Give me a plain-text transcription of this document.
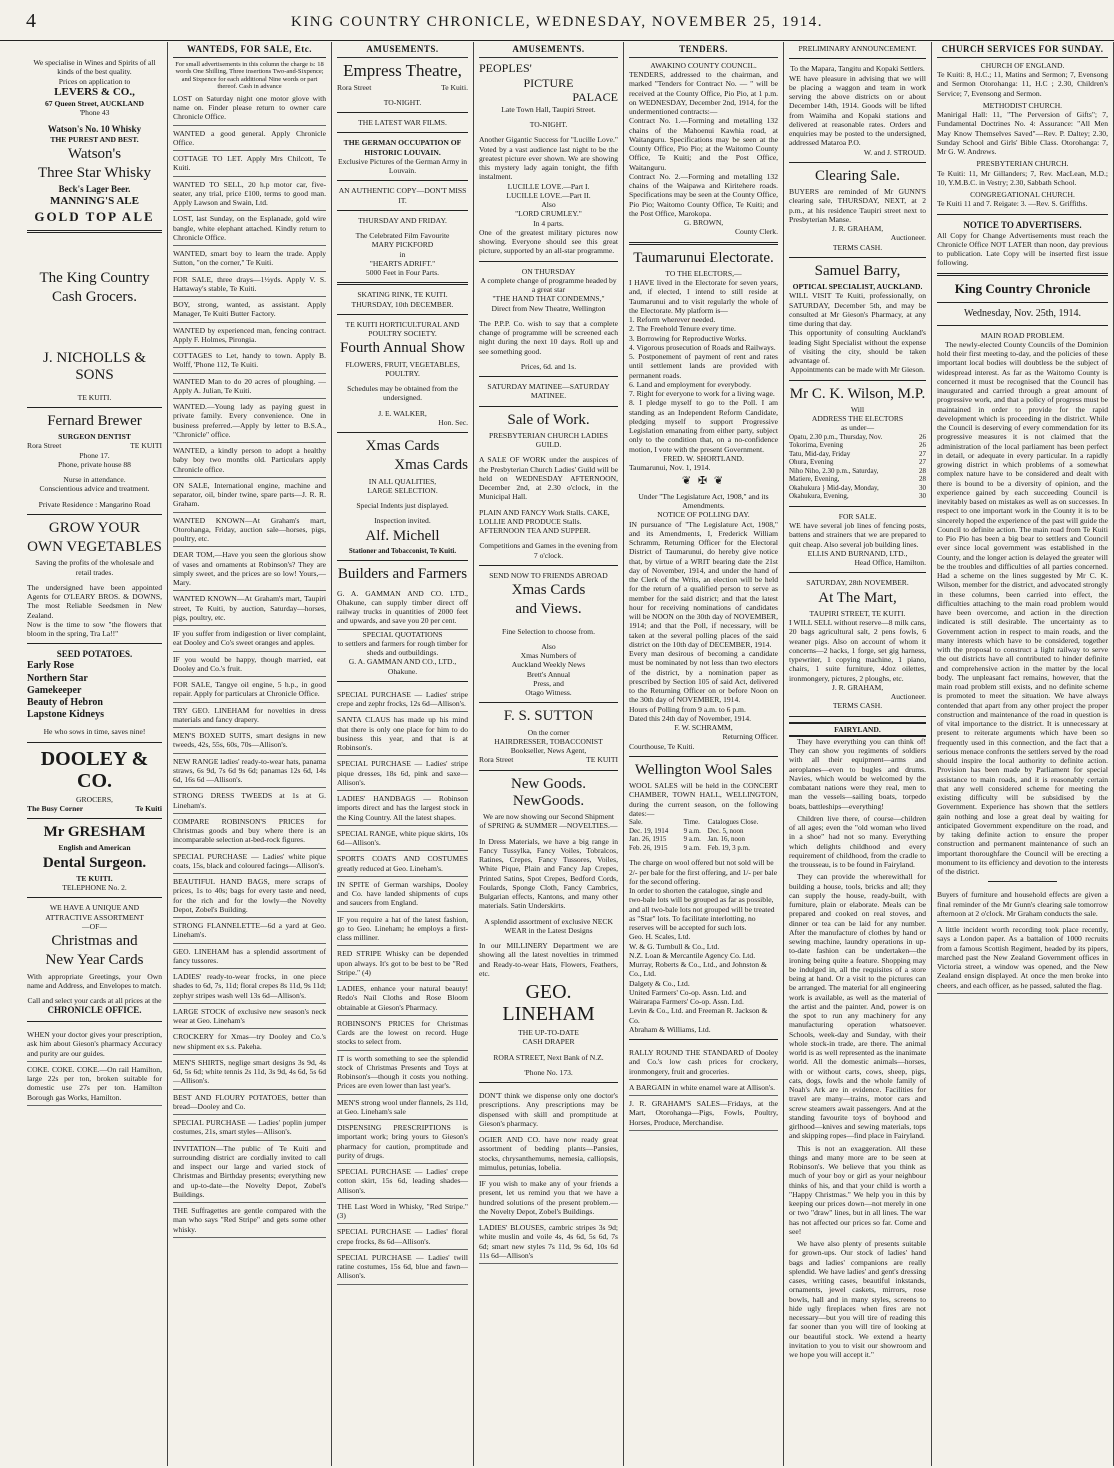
4	KING COUNTRY CHRONICLE, WEDNESDAY, NOVEMBER 25, 1914.
We specialise in Wines and Spirits of all kinds of the best quality.
Prices on application to
LEVERS & CO.,
67 Queen Street, AUCKLAND
'Phone 43
Watson's No. 10 Whisky
THE PUREST AND BEST.
Watson's
Three Star Whisky
Beck's Lager Beer.
MANNING'S ALE
GOLD TOP ALE
The King Country
Cash Grocers.
J. NICHOLLS & SONS
TE KUITI.
Fernard Brewer
SURGEON DENTIST
Rora Street	TE KUITI
Phone 17.
Phone, private house 88
Nurse in attendance.
Conscientious advice and treatment.
Private Residence : Mangarino Road
GROW YOUR
OWN VEGETABLES
Saving the profits of the wholesale and retail trades.
The undersigned have been appointed Agents for O'LEARY BROS. & DOWNS, The most Reliable Seedsmen in New Zealand.
Now is the time to sow "the flowers that bloom in the spring, Tra La!!"
SEED POTATOES.
Early Rose
Northern Star
Gamekeeper
Beauty of Hebron
Lapstone Kidneys
He who sows in time, saves nine!
DOOLEY & CO.
GROCERS,
The Busy Corner	Te Kuiti
Mr GRESHAM
English and American
Dental Surgeon.
TE KUITI.
TELEPHONE No. 2.
WE HAVE A UNIQUE AND ATTRACTIVE ASSORTMENT
—OF—
Christmas and
New Year Cards
With appropriate Greetings, your Own name and Address, and Envelopes to match.
Call and select your cards at all prices at the
CHRONICLE OFFICE.
WHEN your doctor gives your prescription, ask him about Gieson's pharmacy Accuracy and purity are our guides.
COKE. COKE. COKE.—On rail Hamilton, large 22s per ton, broken suitable for domestic use 27s per ton. Hamilton Borough gas Works, Hamilton.
WANTEDS, FOR SALE, Etc.
For small advertisements in this column the charge is: 18 words One Shilling, Three insertions Two-and-Sixpence; and Sixpence for each additional Nine words or part thereof. Cash in advance
LOST on Saturday night one motor glove with name on. Finder please return to owner care Chronicle Office.
WANTED a good general. Apply Chronicle Office.
COTTAGE TO LET. Apply Mrs Chilcott, Te Kuiti.
WANTED TO SELL, 20 h.p motor car, five-seater, any trial, price £100, terms to good man. Apply Lawson and Swain, Ltd.
LOST, last Sunday, on the Esplanade, gold wire bangle, white elephant attached. Kindly return to Chronicle Office.
WANTED, smart boy to learn the trade. Apply Sutton, "on the corner," Te Kuiti.
FOR SALE, three drays—1½yds. Apply V. S. Hattaway's stable, Te Kuiti.
BOY, strong, wanted, as assistant. Apply Manager, Te Kuiti Butter Factory.
WANTED by experienced man, fencing contract. Apply F. Holmes, Pirongia.
COTTAGES to Let, handy to town. Apply B. Wolff, 'Phone 112, Te Kuiti.
WANTED Man to do 20 acres of ploughing. — Apply A. Julian, Te Kuiti.
WANTED.—Young lady as paying guest in private family. Every convenience. One in business preferred.—Apply by letter to B.S.A., "Chronicle" office.
WANTED, a kindly person to adopt a healthy baby boy two months old. Particulars apply Chronicle office.
ON SALE, International engine, machine and separator, oil, binder twine, spare parts—J. R. R. Graham.
WANTED KNOWN—At Graham's mart, Otorohanga, Friday, auction sale—horses, pigs, poultry, etc.
DEAR TOM,—Have you seen the glorious show of vases and ornaments at Robinson's? They are simply sweet, and the prices are so low! Yours,—Mary.
WANTED KNOWN—At Graham's mart, Taupiri street, Te Kuiti, by auction, Saturday—horses, pigs, poultry, etc.
IF you suffer from indigestion or liver complaint, eat Dooley and Co's sweet oranges and apples.
IF you would be happy, though married, eat Dooley and Co.'s fruit.
FOR SALE, Tangye oil engine, 5 h.p., in good repair. Apply for particulars at Chronicle Office.
TRY GEO. LINEHAM for novelties in dress materials and fancy drapery.
MEN'S BOXED SUITS, smart designs in new tweeds, 42s, 55s, 60s, 70s—Allison's.
NEW RANGE ladies' ready-to-wear hats, panama straws, 6s 9d, 7s 6d 9s 6d; panamas 12s 6d, 14s 6d, 16s 6d —Allison's.
STRONG DRESS TWEEDS at 1s at G. Lineham's.
COMPARE ROBINSON'S PRICES for Christmas goods and buy where there is an incomparable selection at-bed-rock figures.
SPECIAL PURCHASE — Ladies' white pique coats, 15s, black and coloured facings—Allison's.
BEAUTIFUL HAND BAGS, mere scraps of prices, 1s to 40s; bags for every taste and need, for the rich and for the lowly—the Novelty Depot, Zobel's Building.
STRONG FLANNELETTE—6d a yard at Geo. Lineham's.
GEO. LINEHAM has a splendid assortment of fancy tussores.
LADIES' ready-to-wear frocks, in one piece shades to 6d, 7s, 11d; floral crepes 8s 11d, 9s 11d; zephyr stripes wash well 13s 6d—Allison's.
LARGE STOCK of exclusive new season's neck wear at Geo. Lineham's
CROCKERY for Xmas—try Dooley and Co.'s new shipment ex s.s. Pakeha.
MEN'S SHIRTS, neglige smart designs 3s 9d, 4s 6d, 5s 6d; white tennis 2s 11d, 3s 9d, 4s 6d, 5s 6d —Allison's.
BEST AND FLOURY POTATOES, better than bread—Dooley and Co.
SPECIAL PURCHASE — Ladies' poplin jumper costumes, 21s, smart styles—Allison's.
INVITATION—The public of Te Kuiti and surrounding district are cordially invited to call and inspect our large and varied stock of Christmas and Birthday presents; everything new and up-to-date—the Novelty Depot, Zobel's Buildings.
THE Suffragettes are gentle compared with the man who says "Red Stripe" and gets some other whisky.
AMUSEMENTS.
Empress Theatre,
Rora Street	Te Kuiti.
TO-NIGHT.
THE LATEST WAR FILMS.
THE GERMAN OCCUPATION OF HISTORIC LOUVAIN.
Exclusive Pictures of the German Army in Louvain.
AN AUTHENTIC COPY—DON'T MISS IT.
THURSDAY AND FRIDAY.
The Celebrated Film Favourite
MARY PICKFORD
in
"HEARTS ADRIFT."
5000 Feet in Four Parts.
SKATING RINK, TE KUITI.
THURSDAY, 10th DECEMBER.
TE KUITI HORTICULTURAL AND POULTRY SOCIETY.
Fourth Annual Show
FLOWERS, FRUIT, VEGETABLES, POULTRY.
Schedules may be obtained from the undersigned.
J. E. WALKER,
Hon. Sec.
Xmas Cards
Xmas Cards
IN ALL QUALITIES,
LARGE SELECTION.
Special Indents just displayed.
Inspection invited.
Alf. Michell
Stationer and Tobacconist, Te Kuiti.
Builders and Farmers
G. A. GAMMAN AND CO. LTD., Ohakune, can supply timber direct off railway trucks in quantities of 2000 feet and upwards, and save you 20 per cent.
SPECIAL QUOTATIONS
to settlers and farmers for rough timber for sheds and outbuildings.
G. A. GAMMAN AND CO., LTD., Ohakune.
SPECIAL PURCHASE — Ladies' stripe crepe and zephr frocks, 12s 6d—Allison's.
SANTA CLAUS has made up his mind that there is only one place for him to do business this year, and that is at Robinson's.
SPECIAL PURCHASE — Ladies' stripe pique dresses, 18s 6d, pink and saxe—Allison's.
LADIES' HANDBAGS — Robinson imports direct and has the largest stock in the King Country. All the latest shapes.
SPECIAL RANGE, white pique skirts, 10s 6d—Allison's.
SPORTS COATS AND COSTUMES greatly reduced at Geo. Lineham's.
IN SPITE of German warships, Dooley and Co. have landed shipments of cups and saucers from England.
IF you require a hat of the latest fashion, go to Geo. Lineham; he employs a first-class milliner.
RED STRIPE Whisky can be depended upon always. It's got to be best to be "Red Stripe." (4)
LADIES, enhance your natural beauty! Redo's Nail Cloths and Rose Bloom obtainable at Gieson's Pharmacy.
ROBINSON'S PRICES for Christmas Cards are the lowest on record. Huge stocks to select from.
IT is worth something to see the splendid stock of Christmas Presents and Toys at Robinson's—though it costs you nothing. Prices are even lower than last year's.
MEN'S strong wool under flannels, 2s 11d, at Geo. Lineham's sale
DISPENSING PRESCRIPTIONS is important work; bring yours to Gieson's pharmacy for caution, promptitude and purity of drugs.
SPECIAL PURCHASE — Ladies' crepe cotton skirt, 15s 6d, leading shades—Allison's.
THE Last Word in Whisky, "Red Stripe." (3)
SPECIAL PURCHASE — Ladies' floral crepe frocks, 8s 6d—Allison's.
SPECIAL PURCHASE — Ladies' twill ratine costumes, 15s 6d, blue and fawn—Allison's.
AMUSEMENTS.
PEOPLES'
PICTURE
PALACE
Late Town Hall, Taupiri Street.
TO-NIGHT.
Another Gigantic Success for "Lucille Love." Voted by a vast audience last night to be the greatest picture ever shown. We are showing this mystery lady again tonight, the fifth instalment.
LUCILLE LOVE.—Part I.
LUCILLE LOVE.—Part II.
Also
"LORD CRUMLEY."
In 4 parts.
One of the greatest military pictures now showing. Everyone should see this great picture, supported by an all-star programme.
ON THURSDAY
A complete change of programme headed by a great star
"THE HAND THAT CONDEMNS,"
Direct from New Theatre, Wellington
The P.P.P. Co. wish to say that a complete change of programme will be screened each night during the next 10 days. Roll up and see something good.
Prices, 6d. and 1s.
SATURDAY MATINEE—SATURDAY MATINEE.
Sale of Work.
PRESBYTERIAN CHURCH LADIES GUILD.
A SALE OF WORK under the auspices of the Presbyterian Church Ladies' Guild will be held on WEDNESDAY AFTERNOON, December 2nd, at 2.30 o'clock, in the Municipal Hall.
PLAIN AND FANCY Work Stalls. CAKE, LOLLIE AND PRODUCE Stalls.
AFTERNOON TEA AND SUPPER.
Competitions and Games in the evening from 7 o'clock.
SEND NOW TO FRIENDS ABROAD
Xmas Cards
and Views.
Fine Selection to choose from.
Also
Xmas Numbers of
Auckland Weekly News
Brett's Annual
Press, and
Otago Witness.
F. S. SUTTON
On the corner
HAIRDRESSER, TOBACCONIST
Bookseller, News Agent,
Rora Street	TE KUITI
New Goods. NewGoods.
We are now showing our Second Shipment of SPRING & SUMMER —NOVELTIES.—
In Dress Materials, we have a big range in Fancy Tussylka, Fancy Voiles, Tobralcos, Ratines, Crepes, Fancy Tussores, Voiles, White Pique, Plain and Fancy Jap Crepes, Printed Satins, Spot Crepes, Bedford Cords, Foulards, Sponge Cloth, Fancy Cambrics, Bulgarian effects, Kantons, and many other materials. Satin Underskirts.
A splendid assortment of exclusive NECK WEAR in the Latest Designs
In our MILLINERY Department we are showing all the latest novelties in trimmed and Ready-to-wear Hats, Flowers, Feathers, etc.
GEO. LINEHAM
THE UP-TO-DATE
CASH DRAPER
RORA STREET, Next Bank of N.Z.
'Phone No. 173.
DON'T think we dispense only one doctor's prescriptions. Any prescriptions may be dispensed with skill and promptitude at Gieson's pharmacy.
OGIER AND CO. have now ready great assortment of bedding plants—Pansies, stocks, chrysanthemums, nemesia, calliopsis, mimulus, petunias, lobelia.
IF you wish to make any of your friends a present, let us remind you that we have a hundred solutions of the present problem.—the Novelty Depot, Zobel's Buildings.
LADIES' BLOUSES, cambric stripes 3s 9d; white muslin and voile 4s, 4s 6d, 5s 6d, 7s 6d; smart new styles 7s 11d, 9s 6d, 10s 6d 11s 6d—Allison's
TENDERS.
AWAKINO COUNTY COUNCIL.
TENDERS, addressed to the chairman, and marked "Tenders for Contract No. — " will be received at the County Office, Pio Pio, at 1 p.m. on WEDNESDAY, December 2nd, 1914, for the undermentioned contracts:—
Contract No. 1.—Forming and metalling 132 chains of the Mahoenui Kawhia road, at Waitanguru. Specifications may be seen at the County Office, Pio Pio; at the Waitomo County Office, Te Kuiti; and the Post Office, Waitanguru.
Contract No. 2.—Forming and metalling 132 chains of the Waipawa and Kiritehere roads. Specifications may be seen at the County Office, Pio Pio; Waitomo County Office, Te Kuiti; and the Post Office, Marokopa.
G. BROWN,
County Clerk.
Taumarunui Electorate.
TO THE ELECTORS,—
I HAVE lived in the Electorate for seven years, and, if elected, I intend to still reside at Taumarunui and to visit regularly the whole of the Electorate. My platform is—
1. Reform wherever needed.
2. The Freehold Tenure every time.
3. Borrowing for Reproductive Works.
4. Vigorous prosecution of Roads and Railways.
5. Postponement of payment of rent and rates until settlement lands are provided with permanent roads.
6. Land and employment for everybody.
7. Right for everyone to work for a living wage.
8. I pledge myself to go to the Poll. I am standing as an Independent Reform Candidate, pledging myself to support Progressive Legislation emanating from either party, subject only to the condition that, on a no-confidence motion, I vote with the present Government.
FRED. W. SHORTLAND.
Taumarunui, Nov. 1, 1914.
❦ ✠ ❦
Under "The Legislature Act, 1908," and its Amendments.
NOTICE OF POLLING DAY.
IN pursuance of "The Legislature Act, 1908," and its Amendments, I, Frederick William Schramm, Returning Officer for the Electoral District of Taumarunui, do hereby give notice that, by virtue of a WRIT bearing date the 21st day of November, 1914, and under the hand of the Clerk of the Writs, an election will be held for the return of a qualified person to serve as member for the said district; and that the latest hour for receiving nominations of candidates will be NOON on the 30th day of NOVEMBER, 1914; and that the Poll, if necessary, will be taken at the several polling places of the said district on the 10th day of DECEMBER, 1914.
Every man desirous of becoming a candidate must be nominated by not less than two electors of the district, by a nomination paper as prescribed by Section 105 of said Act, delivered to the Returning Officer on or before Noon on the 30th day of NOVEMBER, 1914.
Hours of Polling from 9 a.m. to 6 p.m.
Dated this 24th day of November, 1914.
F. W. SCHRAMM,
Returning Officer.
Courthouse, Te Kuiti.
Wellington Wool Sales
WOOL SALES will be held in the CONCERT CHAMBER, TOWN HALL, WELLINGTON, during the current season, on the following dates:—
Sale.	Time.	Catalogues Close.
Dec. 19, 1914	9 a.m.	Dec. 5, noon
Jan. 26, 1915	9 a.m.	Jan. 16, noon
Feb. 26, 1915	9 a.m.	Feb. 19, 3 p.m.
The charge on wool offered but not sold will be 2/- per bale for the first offering, and 1/- per bale for the second offering.
In order to shorten the catalogue, single and two-bale lots will be grouped as far as possible, and all two-bale lots not grouped will be treated as "Star" lots. To facilitate interlotting, no reserves will be accepted for such lots.
Geo. H. Scales, Ltd.
W. & G. Turnbull & Co., Ltd.
N.Z. Loan & Mercantile Agency Co. Ltd.
Murray, Roberts & Co., Ltd., and Johnston & Co., Ltd.
Dalgety & Co., Ltd.
United Farmers' Co-op. Assn. Ltd. and Wairarapa Farmers' Co-op. Assn. Ltd.
Levin & Co., Ltd. and Freeman R. Jackson & Co.
Abraham & Williams, Ltd.
RALLY ROUND THE STANDARD of Dooley and Co.'s low cash prices for crockery, ironmongery, fruit and groceries.
A BARGAIN in white enamel ware at Allison's.
J. R. GRAHAM'S SALES—Fridays, at the Mart, Otorohanga—Pigs, Fowls, Poultry, Horses, Produce, Merchandise.
PRELIMINARY ANNOUNCEMENT.
To the Mapara, Tangitu and Kopaki Settlers.
WE have pleasure in advising that we will be placing a waggon and team in work serving the above districts on or about December 14th, 1914. Goods will be lifted from Waimiha and Kopaki stations and delivered at reasonable rates. Orders and enquiries may be posted to the undersigned, addressed Mataroa P.O.
W. and J. STROUD.
Clearing Sale.
BUYERS are reminded of Mr GUNN'S clearing sale, THURSDAY, NEXT, at 2 p.m., at his residence Taupiri street next to Presbyterian Manse.
J. R. GRAHAM,
Auctioneer.
TERMS CASH.
Samuel Barry,
OPTICAL SPECIALIST, AUCKLAND.
WILL VISIT Te Kuiti, professionally, on SATURDAY, December 5th, and may be consulted at Mr Gieson's Pharmacy, at any time during that day.
This opportunity of consulting Auckland's leading Sight Specialist without the expense of visiting the city, should be taken advantage of.
Appointments can be made with Mr Gieson.
Mr C. K. Wilson, M.P.
Will
ADDRESS THE ELECTORS
as under—
Opatu, 2.30 p.m., Thursday, Nov.	26
Tokorima, Evening	26
Tatu, Mid-day, Friday	27
Ohura, Evening	27
Niho Niho, 2.30 p.m., Saturday,	28
Matiere, Evening,	28
Okahukura } Mid-day, Monday,	30
Okahukura, Evening,	30
FOR SALE.
WE have several job lines of fencing posts, battens and strainers that we are prepared to quit cheap. Also several job building lines.
ELLIS AND BURNAND, LTD.,
Head Office, Hamilton.
SATURDAY, 28th NOVEMBER.
At The Mart,
TAUPIRI STREET, TE KUITI.
I WILL SELL without reserve—8 milk cans, 20 bags agricultural salt, 2 pens fowls, 6 weaner pigs. Also on account of whom it concerns—2 hacks, 1 forge, set gig harness, typewriter, 1 copying machine, 1 piano, chairs, 1 suite furniture, 4doz oilettes, ironmongery, pictures, 2 ploughs, etc.
J. R. GRAHAM,
Auctioneer.
TERMS CASH.
FAIRYLAND.

They have everything you can think of! They can show you regiments of soldiers with all their equipment—arms and aeroplanes—even to bugles and drums. Navies, which would be welcomed by the combatant nations were they real, men to man the vessels—sailing boats, torpedo boats, battleships—everything!

Children live there, of course—children of all ages; even the "old woman who lived in a shoe" had not so many. Everything which delights childhood and every requirement of childhood, from the cradle to the trousseau, is to be found in Fairyland.

They can provide the wherewithall for building a house, tools, bricks and all; they can supply the house, ready-built, with furniture, plain or elaborate. Meals can be prepared and cooked on real stoves, and dinner or tea can be laid for any number. After the manufacture of clothes by hand or sewing machine, laundry operations in up-to-date fashion can be undertaken—the ironing being quite a feature. Shopping may be indulged in, all the requisites of a store being at hand. Or a visit to the pictures can be arranged. The material for all engineering work is available, as well as the material of the artist and the painter. And, power is on the spot to run any machinery for any manufacturing operation whatsoever. Schools, week-day and Sunday, with their whole stock-in trade, are there. The animal world is as well represented as the inanimate world. All the domestic animals—horses, with or without carts, cows, sheep, pigs, cats, dogs, fowls and the whole family of Noah's Ark are in evidence. Facilities for travel are many—trains, motor cars and screw steamers await passengers. And at the standing favourite toys of boyhood and girlhood—knives and sewing materials, tops and skipping ropes—find place in Fairyland.

This is not an exaggeration. All these things and many more are to be seen at Robinson's. We believe that you think as much of your boy or girl as your neighbour thinks of his, and that your child is worth a "Happy Christmas." We help you in this by keeping our prices down—not merely in one or two "draw" lines, but in all lines. The war has not affected our prices so far. Come and see!

We have also plenty of presents suitable for grown-ups. Our stock of ladies' hand bags and ladies' companions are really splendid. We have ladies' and gent's dressing cases, writing cases, beautiful inkstands, ornaments, jewel caskets, mirrors, rose bowls, hall and in many styles, screens to hide ugly fireplaces when fires are not necessary—but you will tire of reading this far sooner than you will tire of looking at our beautiful stock. We extend a hearty invitation to you to visit our showroom and we hope you will accept it."

CHURCH SERVICES FOR SUNDAY.
CHURCH OF ENGLAND.
Te Kuiti: 8, H.C.; 11, Matins and Sermon; 7, Evensong and Sermon Otorohanga: 11, H.C ; 2.30, Children's Service; 7, Evensong and Sermon.
METHODIST CHURCH.
Manirigal Hall: 11, "The Perversion of Gifts"; 7, Fundamental Doctrines No. 4: Assurance: "All Men May Know Themselves Saved"—Rev. P. Daltey; 2.30, Sunday School and Girls' Bible Class. Otorohanga: 7, Mr G. W. Andrews.
PRESBYTERIAN CHURCH.
Te Kuiti: 11, Mr Gillanders; 7, Rev. MacLean, M.D.; 10, Y.M.B.C. in Vestry; 2.30, Sabbath School.
CONGREGATIONAL CHURCH.
Te Kuiti 11 and 7. Reigate: 3. —Rev. S. Griffiths.
NOTICE TO ADVERTISERS.
All Copy for Change Advertisements must reach the Chronicle Office NOT LATER than noon, day previous to publication. Late Copy will be inserted first issue following.
King Country Chronicle
Wednesday, Nov. 25th, 1914.
MAIN ROAD PROBLEM.

The newly-elected County Councils of the Dominion hold their first meeting to-day, and the policies of these important local bodies will doubtless be the subject of widespread interest. As far as the Waitomo County is concerned it must be recognised that the Council has inaugurated and carried through a great amount of progressive work, and that a policy of progress must be maintained in order to provide for the rapid development which is proceeding in the district. While the Council is deserving of every commendation for its progressive measures it is not claimed that the administration of the local parliament has been perfect in detail, or adequate in every particular. In a rapidly growing district in which problems of a somewhat complex nature have to be considered and dealt with there is bound to be a diversity of opinion, and the experience gained by each succeeding Council is inevitably based on mistakes as well as on successes. In respect to one important work in the County it is to be sincerely hoped the experience of the past will guide the Council to definite action. The main road from Te Kuiti to Pio Pio has been a big bear to settlers and Council ever since local government was established in the County, and the longer action is delayed the greater will be the troubles and difficulties of all parties concerned. Had a scheme on the lines suggested by Mr C. K. Wilson, member for the district, and advocated strongly in these columns, been carried into effect, the difficulties attaching to the main road problem would have been overcome, and action in the direction indicated is still desirable. The uncertainty as to Government action in respect to main roads, and the many interests which have to be considered, together with the proposal to construct a light railway to serve the out districts have all contributed to hinder definite and comprehensive action in the matter by the local body. The unpleasant fact remains, however, that the main road problem still exists, and no definite scheme is promoted to meet the situation. We have always contended that apart from any other project the proper construction and maintenance of the road in question is of vital importance to the district. It is unnecessary at present to reiterate arguments which have been so frequently used in this connection, and the fact that a serious menace confronts the settlers served by the road should inspire the local authority to definite action. Provision has been made by Parliament for special assistance to main roads, and it is reasonably certain that any well considered scheme for meeting the existing difficulty will be subsidised by the Government. Experience has shown that the settlers gain nothing and lose a great deal by waiting for anticipated Government expenditure on the road, and by taking definite action to ensure the proper construction and permanent maintenance of such an important thoroughfare the Council will be erecting a monument to its efficiency and devotion to the interests of the district.

Buyers of furniture and household effects are given a final reminder of the Mr Gunn's clearing sale tomorrow afternoon at 2 o'clock. Mr Graham conducts the sale.
A little incident worth recording took place recently, says a London paper. As a battalion of 1000 recruits from a famous Scottish Regiment, headed by its pipers, marched past the New Zealand Government offices in Victoria street, a window was opened, and the New Zealand ensign displayed. At once the men broke into cheers, and each officer, as he passed, saluted the flag.
